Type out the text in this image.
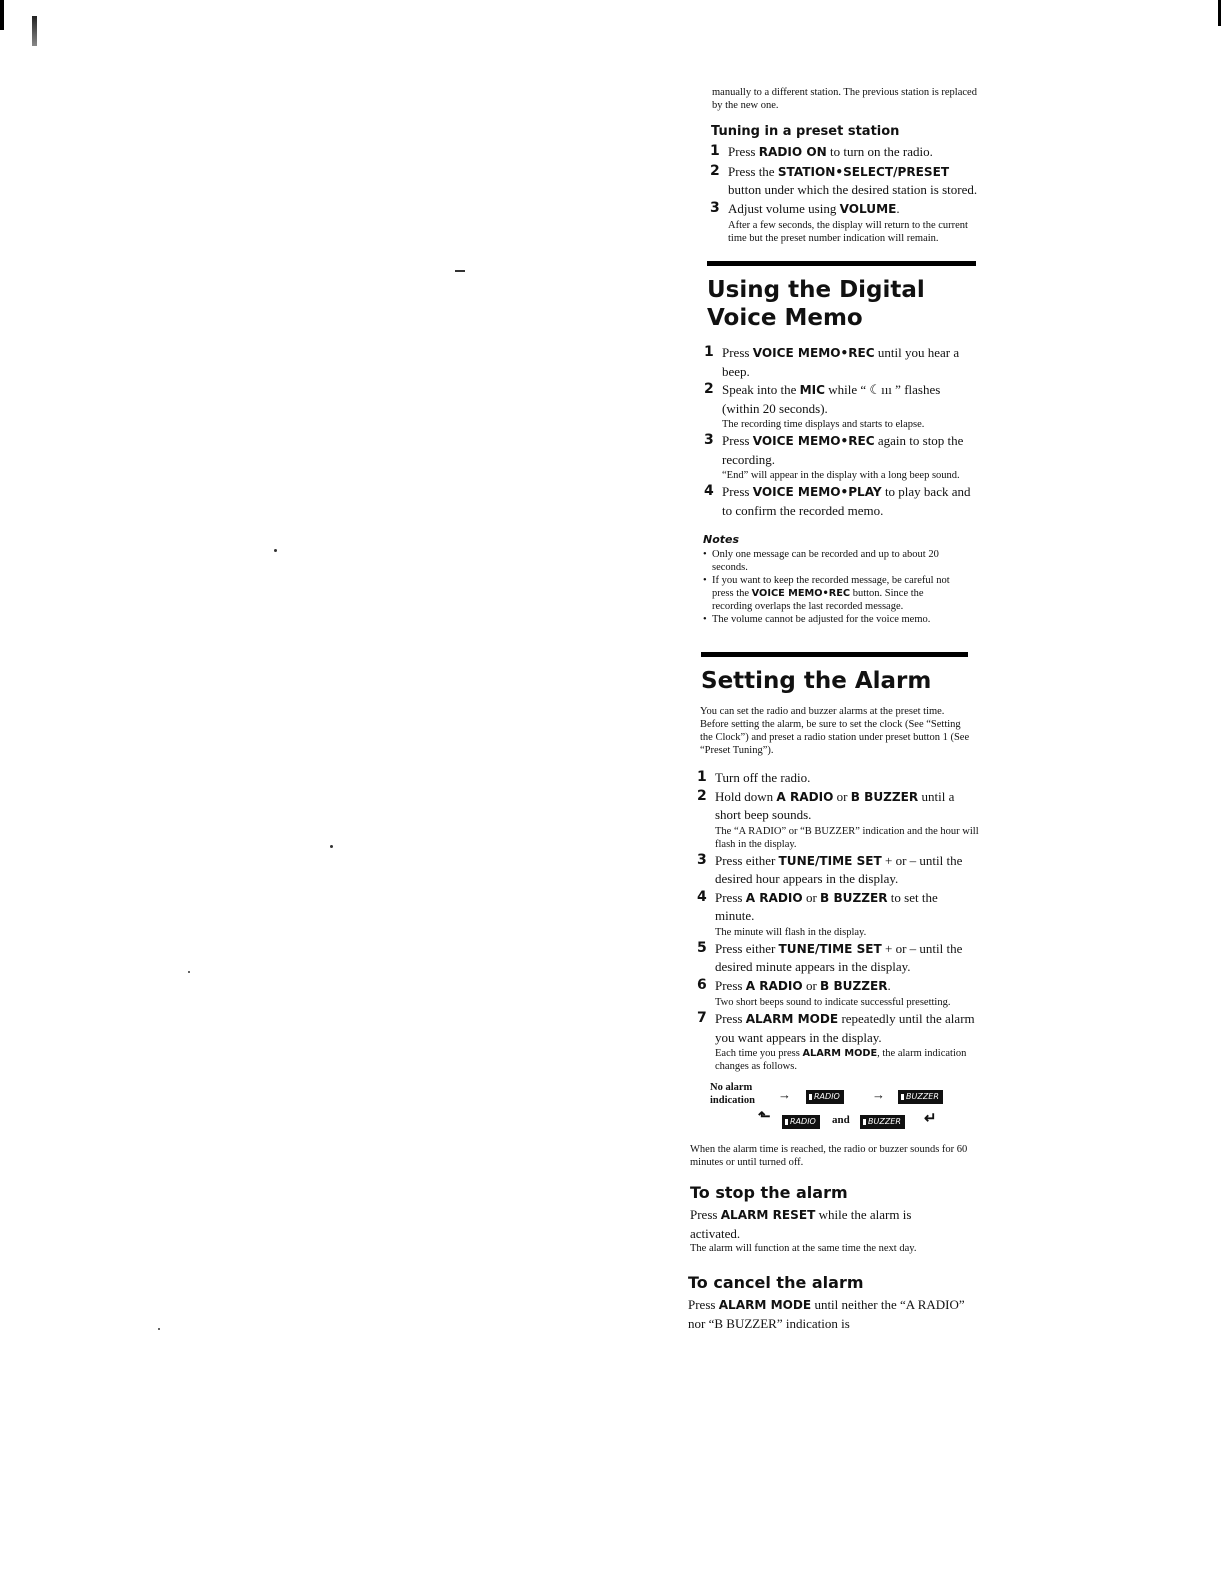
manually to a different station. The previous station is replaced by the new one.

Tuning in a preset station
1 Press RADIO ON to turn on the radio.
2 Press the STATION•SELECT/PRESET button under which the desired station is stored.
3 Adjust volume using VOLUME.
After a few seconds, the display will return to the current time but the preset number indication will remain.
Using the Digital
Voice Memo
1 Press VOICE MEMO•REC until you hear a beep.
2 Speak into the MIC while “ ☾ııı ” flashes (within 20 seconds).
The recording time displays and starts to elapse.
3 Press VOICE MEMO•REC again to stop the recording.
“End” will appear in the display with a long beep sound.
4 Press VOICE MEMO•PLAY to play back and to confirm the recorded memo.
Notes
• Only one message can be recorded and up to about 20 seconds.
• If you want to keep the recorded message, be careful not press the VOICE MEMO•REC button. Since the recording overlaps the last recorded message.
• The volume cannot be adjusted for the voice memo.
Setting the Alarm

You can set the radio and buzzer alarms at the preset time. Before setting the alarm, be sure to set the clock (See “Setting the Clock”) and preset a radio station under preset button 1 (See “Preset Tuning”).

1 Turn off the radio.
2 Hold down A RADIO or B BUZZER until a short beep sounds.
The “A RADIO” or “B BUZZER” indication and the hour will flash in the display.
3 Press either TUNE/TIME SET + or – until the desired hour appears in the display.
4 Press A RADIO or B BUZZER to set the minute.
The minute will flash in the display.
5 Press either TUNE/TIME SET + or – until the desired minute appears in the display.
6 Press A RADIO or B BUZZER.
Two short beeps sound to indicate successful presetting.
7 Press ALARM MODE repeatedly until the alarm you want appears in the display.
Each time you press ALARM MODE, the alarm indication changes as follows.
No alarm indication	→	RADIO	→	BUZZER
⬑	RADIO	and	BUZZER ↵

When the alarm time is reached, the radio or buzzer sounds for 60 minutes or until turned off.

To stop the alarm

Press ALARM RESET while the alarm is activated.

The alarm will function at the same time the next day.

To cancel the alarm

Press ALARM MODE until neither the “A RADIO” nor “B BUZZER” indication is
